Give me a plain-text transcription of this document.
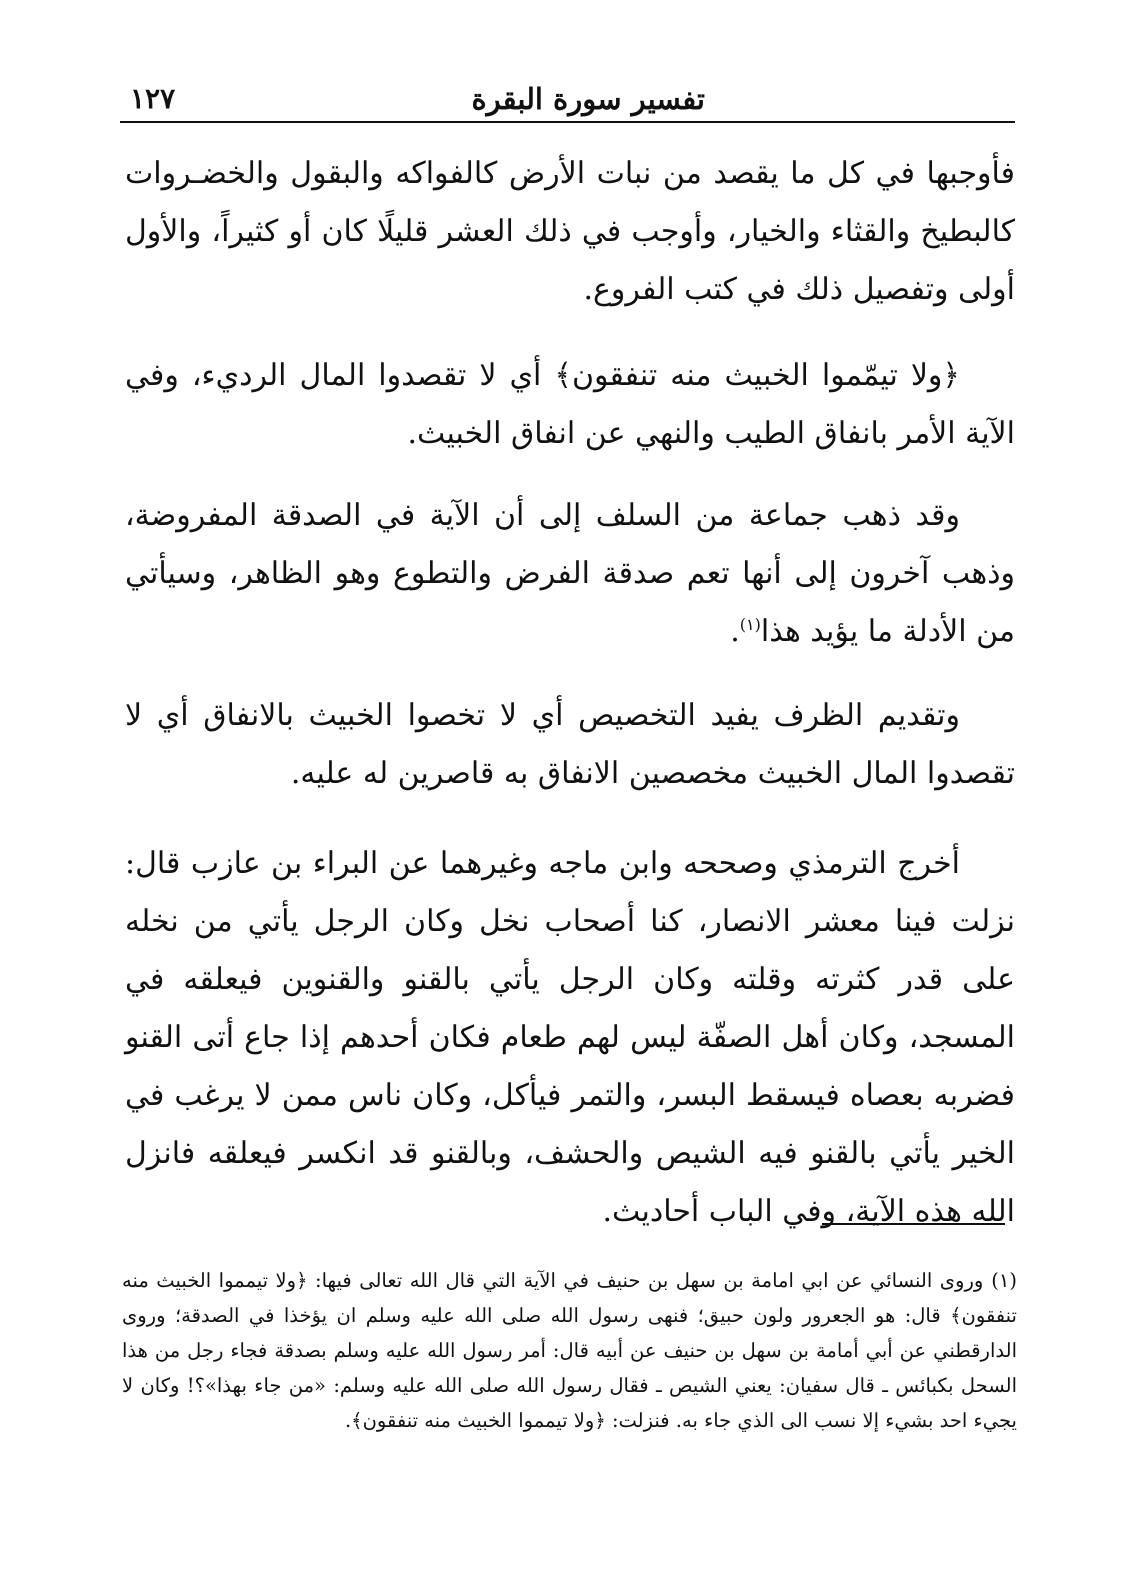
تفسير سورة البقرة
١٢٧

فأوجبها في كل ما يقصد من نبات الأرض كالفواكه والبقول والخضـروات كالبطيخ والقثاء والخيار، وأوجب في ذلك العشر قليلًا كان أو كثيراً، والأول أولى وتفصيل ذلك في كتب الفروع.

﴿ولا تيمّموا الخبيث منه تنفقون﴾ أي لا تقصدوا المال الرديء، وفي الآية الأمر بانفاق الطيب والنهي عن انفاق الخبيث.

وقد ذهب جماعة من السلف إلى أن الآية في الصدقة المفروضة، وذهب آخرون إلى أنها تعم صدقة الفرض والتطوع وهو الظاهر، وسيأتي من الأدلة ما يؤيد هذا$^{(١)}$.

وتقديم الظرف يفيد التخصيص أي لا تخصوا الخبيث بالانفاق أي لا تقصدوا المال الخبيث مخصصين الانفاق به قاصرين له عليه.

أخرج الترمذي وصححه وابن ماجه وغيرهما عن البراء بن عازب قال: نزلت فينا معشر الانصار، كنا أصحاب نخل وكان الرجل يأتي من نخله على قدر كثرته وقلته وكان الرجل يأتي بالقنو والقنوين فيعلقه في المسجد، وكان أهل الصفّة ليس لهم طعام فكان أحدهم إذا جاع أتى القنو فضربه بعصاه فيسقط البسر، والتمر فيأكل، وكان ناس ممن لا يرغب في الخير يأتي بالقنو فيه الشيص والحشف، وبالقنو قد انكسر فيعلقه فانزل الله هذه الآية، وفي الباب أحاديث.

(١)وروى النسائي عن ابي امامة بن سهل بن حنيف في الآية التي قال الله تعالى فيها: ﴿ولا تيمموا الخبيث منه تنفقون﴾ قال: هو الجعرور ولون حبيق؛ فنهى رسول الله صلى الله عليه وسلم ان يؤخذا في الصدقة؛ وروى الدارقطني عن أبي أمامة بن سهل بن حنيف عن أبيه قال: أمر رسول الله عليه وسلم بصدقة فجاء رجل من هذا السحل بكبائس ـ قال سفيان: يعني الشيص ـ فقال رسول الله صلى الله عليه وسلم: «من جاء بهذا»؟! وكان لا يجيء احد بشيء إلا نسب الى الذي جاء به. فنزلت: ﴿ولا تيمموا الخبيث منه تنفقون﴾.
